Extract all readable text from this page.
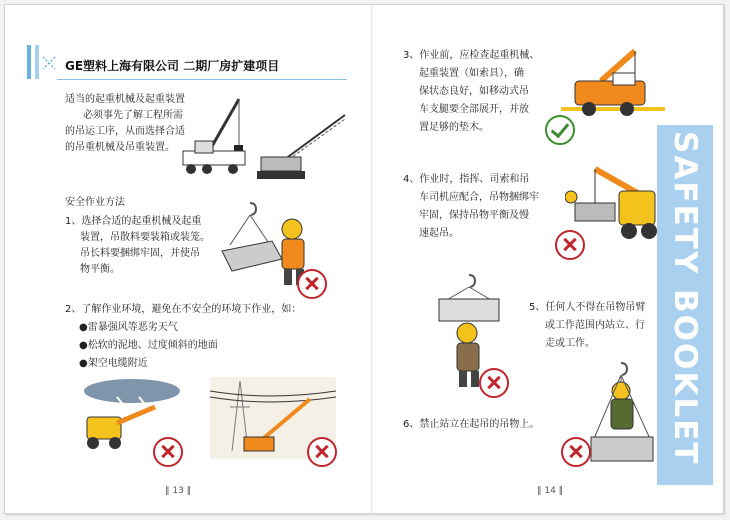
GE塑料上海有限公司 二期厂房扩建项目
适当的起重机械及起重装置
必须事先了解工程所需
的吊运工序，从而选择合适
的吊重机械及吊重装置。
安全作业方法
1、选择合适的起重机械及起重
装置，吊散料要装箱或装笼。
吊长料要捆绑牢固，并使吊
物平衡。
2、了解作业环境，避免在不安全的环境下作业，如：
●雷暴强风等恶劣天气
●松软的泥地、过度倾斜的地面
●架空电缆附近
‖ 13 ‖
3、作业前，应检查起重机械、
起重装置（如索具），确
保状态良好，如移动式吊
车支腿要全部展开，并放
置足够的垫木。
4、作业时，指挥、司索和吊
车司机应配合，吊物捆绑牢
牢固，保持吊物平衡及慢
速起吊。
5、任何人不得在吊物吊臂
或工作范围内站立、行
走或工作。
6、禁止站立在起吊的吊物上。
‖ 14 ‖
SAFETY
BOOKLET
